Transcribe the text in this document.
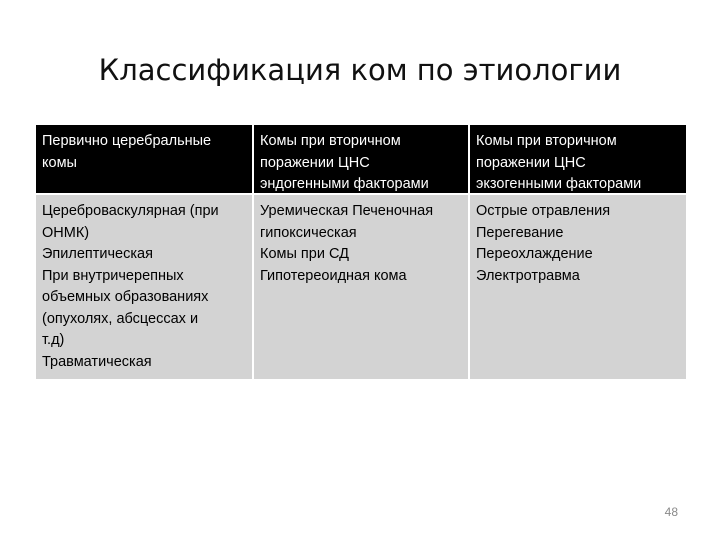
Классификация ком по этиологии
Первично церебральные
комы
Комы при вторичном
поражении ЦНС
эндогенными факторами
Комы при вторичном
поражении ЦНС
экзогенными факторами
Цереброваскулярная (при
ОНМК)
Эпилептическая
При внутричерепных
объемных образованиях
(опухолях, абсцессах и
т.д)
Травматическая
Уремическая Печеночная
гипоксическая
Комы при СД
Гипотереоидная кома
Острые отравления
Перегевание
Переохлаждение
Электротравма
48
